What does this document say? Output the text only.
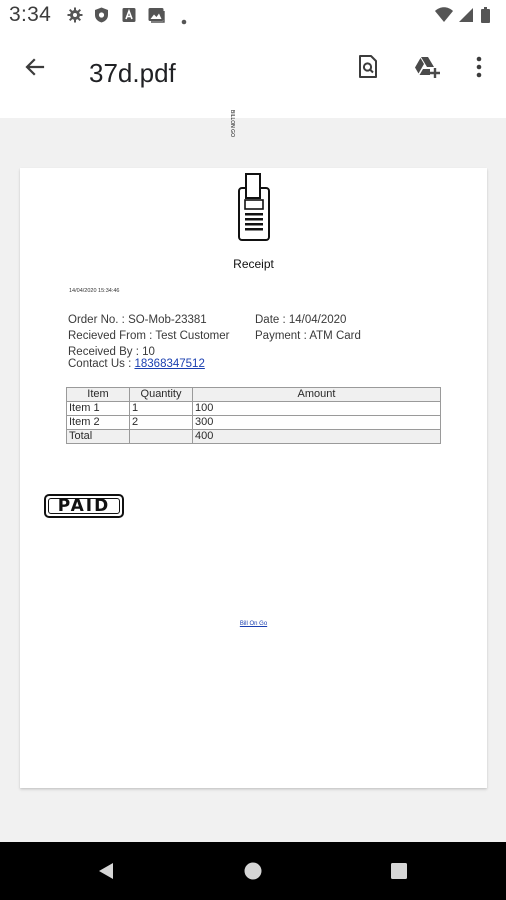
3:34
37d.pdf
BILLON GO
Receipt
14/04/2020 15:34:46
Order No. : SO-Mob-23381	Date : 14/04/2020
Recieved From : Test Customer Payment : ATM Card
Received By : 10
Contact Us : 18368347512
Item	Quantity	Amount
Item 1	1	100
Item 2	2	300
Total		400
PAID
Bill On Go
